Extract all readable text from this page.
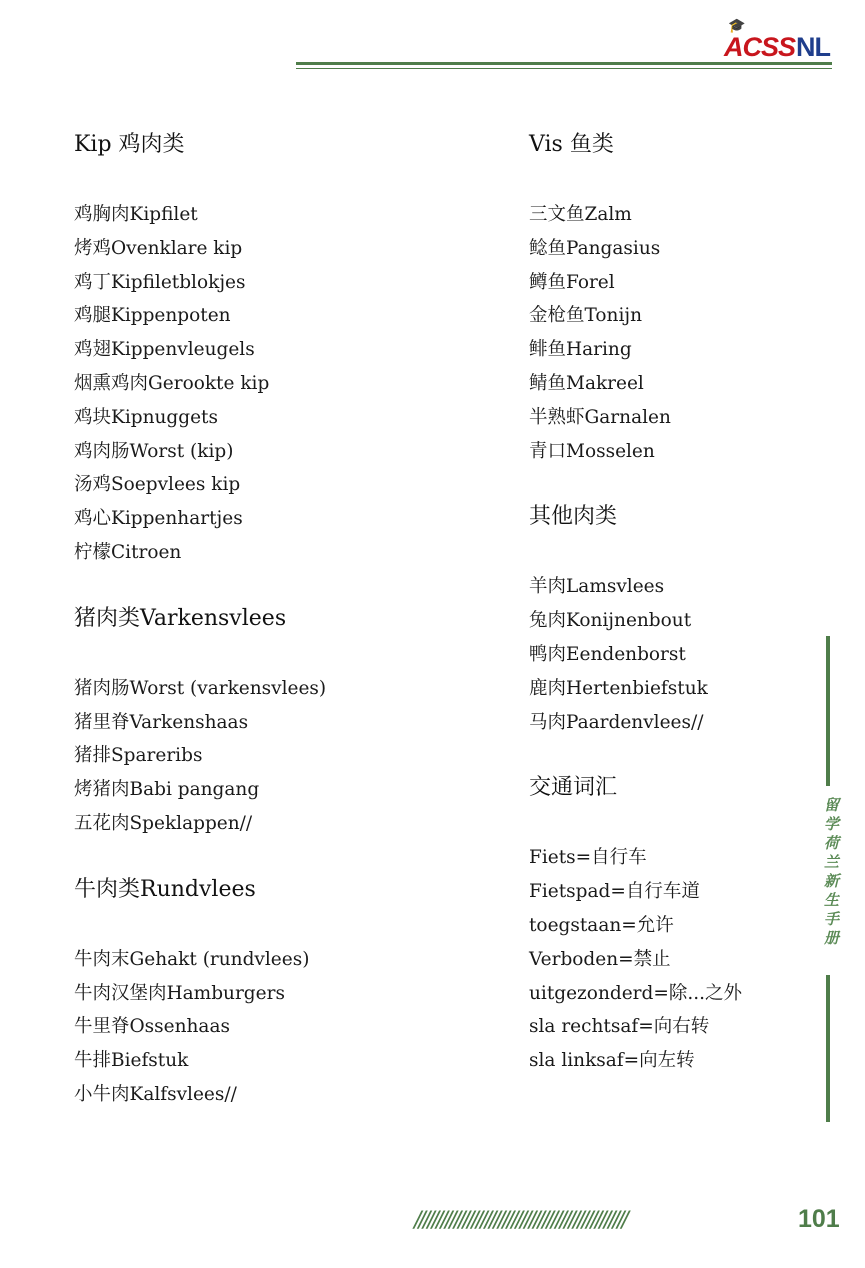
🎓
ACSS NL
Kip 鸡肉类
鸡胸肉Kipfilet
烤鸡Ovenklare kip
鸡丁Kipfiletblokjes
鸡腿Kippenpoten
鸡翅Kippenvleugels
烟熏鸡肉Gerookte kip
鸡块Kipnuggets
鸡肉肠Worst (kip)
汤鸡Soepvlees kip
鸡心Kippenhartjes
柠檬Citroen
猪肉类Varkensvlees
猪肉肠Worst (varkensvlees)
猪里脊Varkenshaas
猪排Spareribs
烤猪肉Babi pangang
五花肉Speklappen//
牛肉类Rundvlees
牛肉末Gehakt (rundvlees)
牛肉汉堡肉Hamburgers
牛里脊Ossenhaas
牛排Biefstuk
小牛肉Kalfsvlees//
Vis 鱼类
三文鱼Zalm
鲶鱼Pangasius
鳟鱼Forel
金枪鱼Tonijn
鲱鱼Haring
鲭鱼Makreel
半熟虾Garnalen
青口Mosselen
其他肉类
羊肉Lamsvlees
兔肉Konijnenbout
鸭肉Eendenborst
鹿肉Hertenbiefstuk
马肉Paardenvlees//
交通词汇
Fiets=自行车
Fietspad=自行车道
toegstaan=允许
Verboden=禁止
uitgezonderd=除...之外
sla rechtsaf=向右转
sla linksaf=向左转
留学荷兰新生手册
////////////////////////////////////////////////	101
